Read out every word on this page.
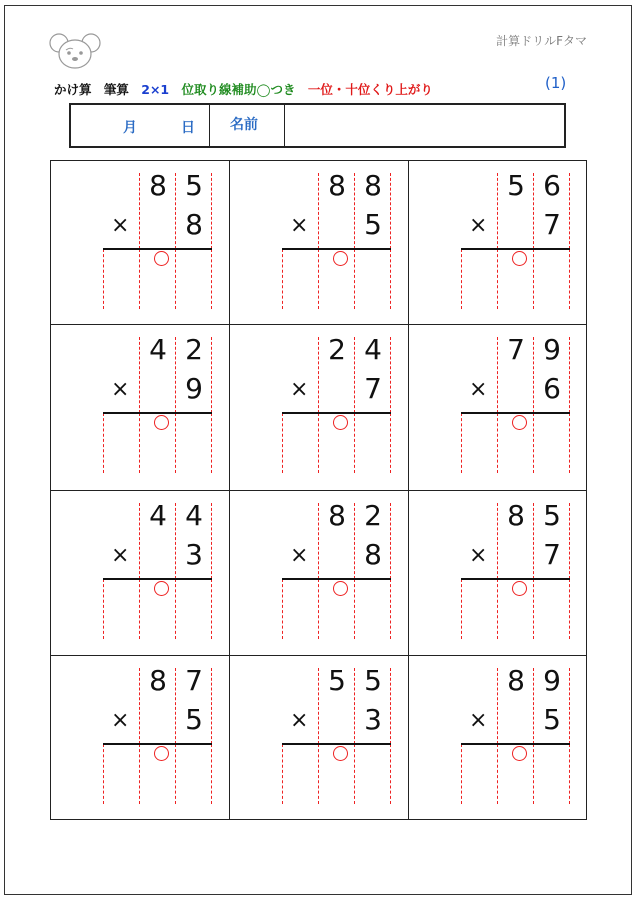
計算ドリルFタマ
かけ算 筆算 2×1 位取り線補助◯つき 一位・十位くり上がり	(1)
月	日	名前
8 5
8
×
8 8
5
×
5 6
7
×
4 2
9
×
2 4
7
×
7 9
6
×
4 4
3
×
8 2
8
×
8 5
7
×
8 7
5
×
5 5
3
×
8 9
5
×
